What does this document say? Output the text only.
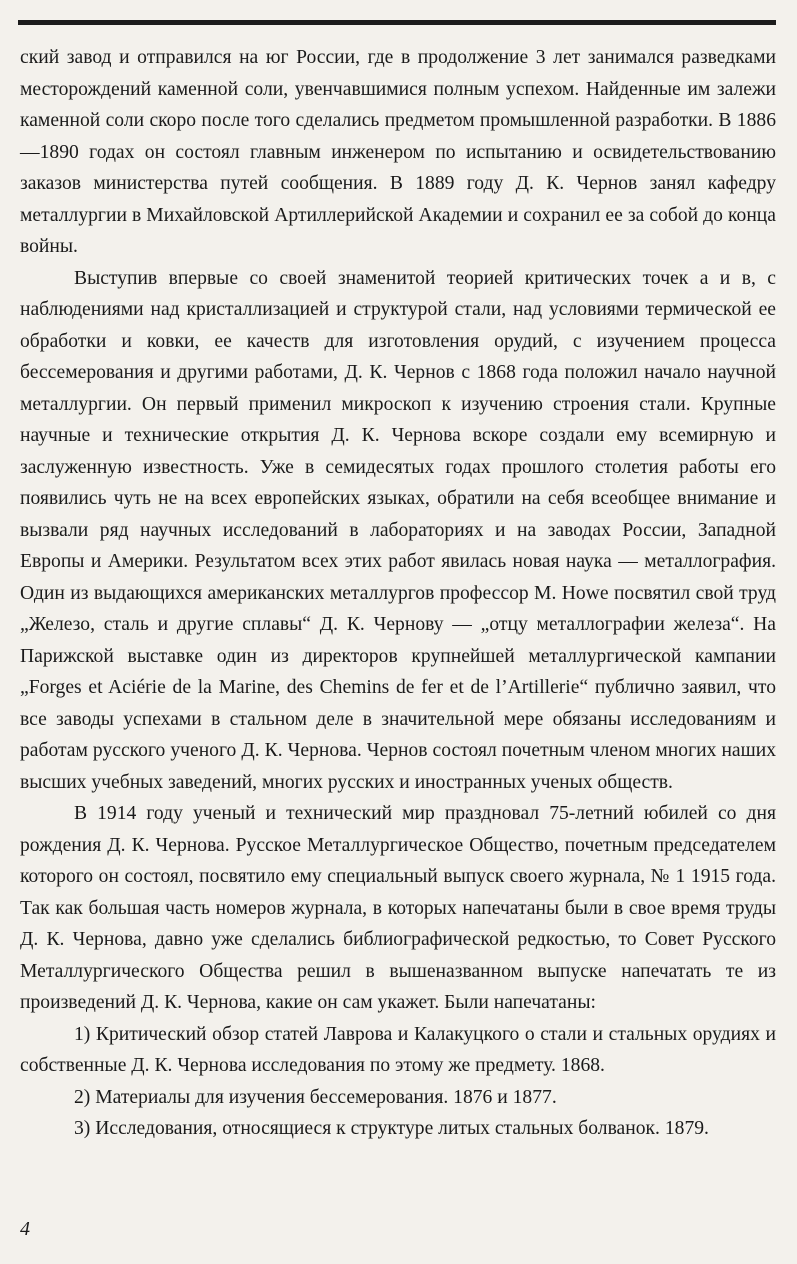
ский завод и отправился на юг России, где в продолжение 3 лет занимался разведками месторождений каменной соли, увенчавшимися полным успехом. Найденные им залежи каменной соли скоро после того сделались предметом промышленной разработки. В 1886—1890 годах он состоял главным инженером по испытанию и освидетельствованию заказов министерства путей сообщения. В 1889 году Д. К. Чернов занял кафедру металлургии в Михайловской Артиллерийской Академии и сохранил ее за собой до конца войны.

Выступив впервые со своей знаменитой теорией критических точек а и в, с наблюдениями над кристаллизацией и структурой стали, над условиями термической ее обработки и ковки, ее качеств для изготовления орудий, с изучением процесса бессемерования и другими работами, Д. К. Чернов с 1868 года положил начало научной металлургии. Он первый применил микроскоп к изучению строения стали. Крупные научные и технические открытия Д. К. Чернова вскоре создали ему всемирную и заслуженную известность. Уже в семидесятых годах прошлого столетия работы его появились чуть не на всех европейских языках, обратили на себя всеобщее внимание и вызвали ряд научных исследований в лабораториях и на заводах России, Западной Европы и Америки. Результатом всех этих работ явилась новая наука — металлография. Один из выдающихся американских металлургов профессор М. Howe посвятил свой труд „Железо, сталь и другие сплавы“ Д. К. Чернову — „отцу металлографии железа“. На Парижской выставке один из директоров крупнейшей металлургической кампании „Forges et Aciérie de la Marine, des Chemins de fer et de l’Artillerie“ публично заявил, что все заводы успехами в стальном деле в значительной мере обязаны исследованиям и работам русского ученого Д. К. Чернова. Чернов состоял почетным членом многих наших высших учебных заведений, многих русских и иностранных ученых обществ.

В 1914 году ученый и технический мир праздновал 75-летний юбилей со дня рождения Д. К. Чернова. Русское Металлургическое Общество, почетным председателем которого он состоял, посвятило ему специальный выпуск своего журнала, № 1 1915 года. Так как большая часть номеров журнала, в которых напечатаны были в свое время труды Д. К. Чернова, давно уже сделались библиографической редкостью, то Совет Русского Металлургического Общества решил в вышеназванном выпуске напечатать те из произведений Д. К. Чернова, какие он сам укажет. Были напечатаны:

1) Критический обзор статей Лаврова и Калакуцкого о стали и стальных орудиях и собственные Д. К. Чернова исследования по этому же предмету. 1868.

2) Материалы для изучения бессемерования. 1876 и 1877.

3) Исследования, относящиеся к структуре литых стальных болванок. 1879.

4
